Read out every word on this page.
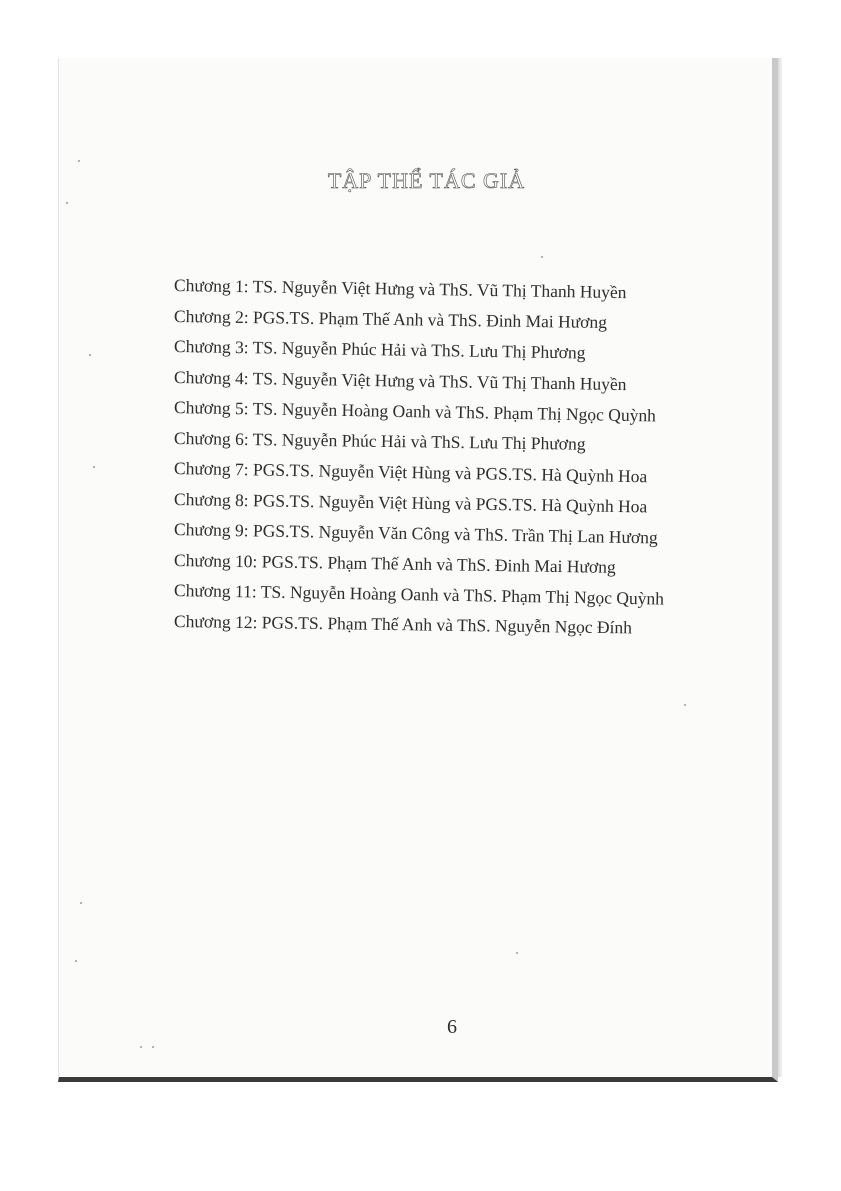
TẬP THỂ TÁC GIẢ
Chương 1: TS. Nguyễn Việt Hưng và ThS. Vũ Thị Thanh Huyền
Chương 2: PGS.TS. Phạm Thế Anh và ThS. Đinh Mai Hương
Chương 3: TS. Nguyễn Phúc Hải và ThS. Lưu Thị Phương
Chương 4: TS. Nguyễn Việt Hưng và ThS. Vũ Thị Thanh Huyền
Chương 5: TS. Nguyễn Hoàng Oanh và ThS. Phạm Thị Ngọc Quỳnh
Chương 6: TS. Nguyễn Phúc Hải và ThS. Lưu Thị Phương
Chương 7: PGS.TS. Nguyễn Việt Hùng và PGS.TS. Hà Quỳnh Hoa
Chương 8: PGS.TS. Nguyễn Việt Hùng và PGS.TS. Hà Quỳnh Hoa
Chương 9: PGS.TS. Nguyễn Văn Công và ThS. Trần Thị Lan Hương
Chương 10: PGS.TS. Phạm Thế Anh và ThS. Đinh Mai Hương
Chương 11: TS. Nguyễn Hoàng Oanh và ThS. Phạm Thị Ngọc Quỳnh
Chương 12: PGS.TS. Phạm Thế Anh và ThS. Nguyễn Ngọc Đính
6
